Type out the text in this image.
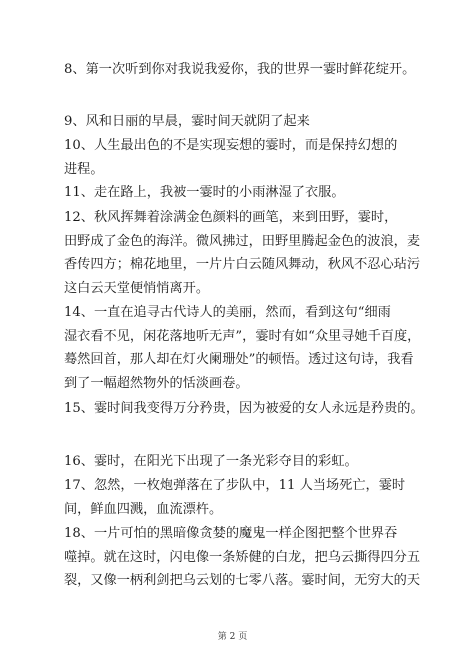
8、第一次听到你对我说我爱你，我的世界一霎时鲜花绽开。
9、风和日丽的早晨，霎时间天就阴了起来
10、人生最出色的不是实现妄想的霎时，而是保持幻想的
进程。
11、走在路上，我被一霎时的小雨淋湿了衣服。
12、秋风挥舞着涂满金色颜料的画笔，来到田野，霎时，
田野成了金色的海洋。微风拂过，田野里腾起金色的波浪，麦
香传四方；棉花地里，一片片白云随风舞动，秋风不忍心玷污
这白云天堂便悄悄离开。
14、一直在追寻古代诗人的美丽，然而，看到这句“细雨
湿衣看不见，闲花落地听无声”，霎时有如“众里寻她千百度，
蓦然回首，那人却在灯火阑珊处”的顿悟。透过这句诗，我看
到了一幅超然物外的恬淡画卷。
15、霎时间我变得万分矜贵，因为被爱的女人永远是矜贵的。
16、霎时，在阳光下出现了一条光彩夺目的彩虹。
17、忽然，一枚炮弹落在了步队中，11 人当场死亡，霎时
间，鲜血四溅，血流漂杵。
18、一片可怕的黑暗像贪婪的魔鬼一样企图把整个世界吞
噬掉。就在这时，闪电像一条矫健的白龙，把乌云撕得四分五
裂，又像一柄利剑把乌云划的七零八落。霎时间，无穷大的天
第 2 页
